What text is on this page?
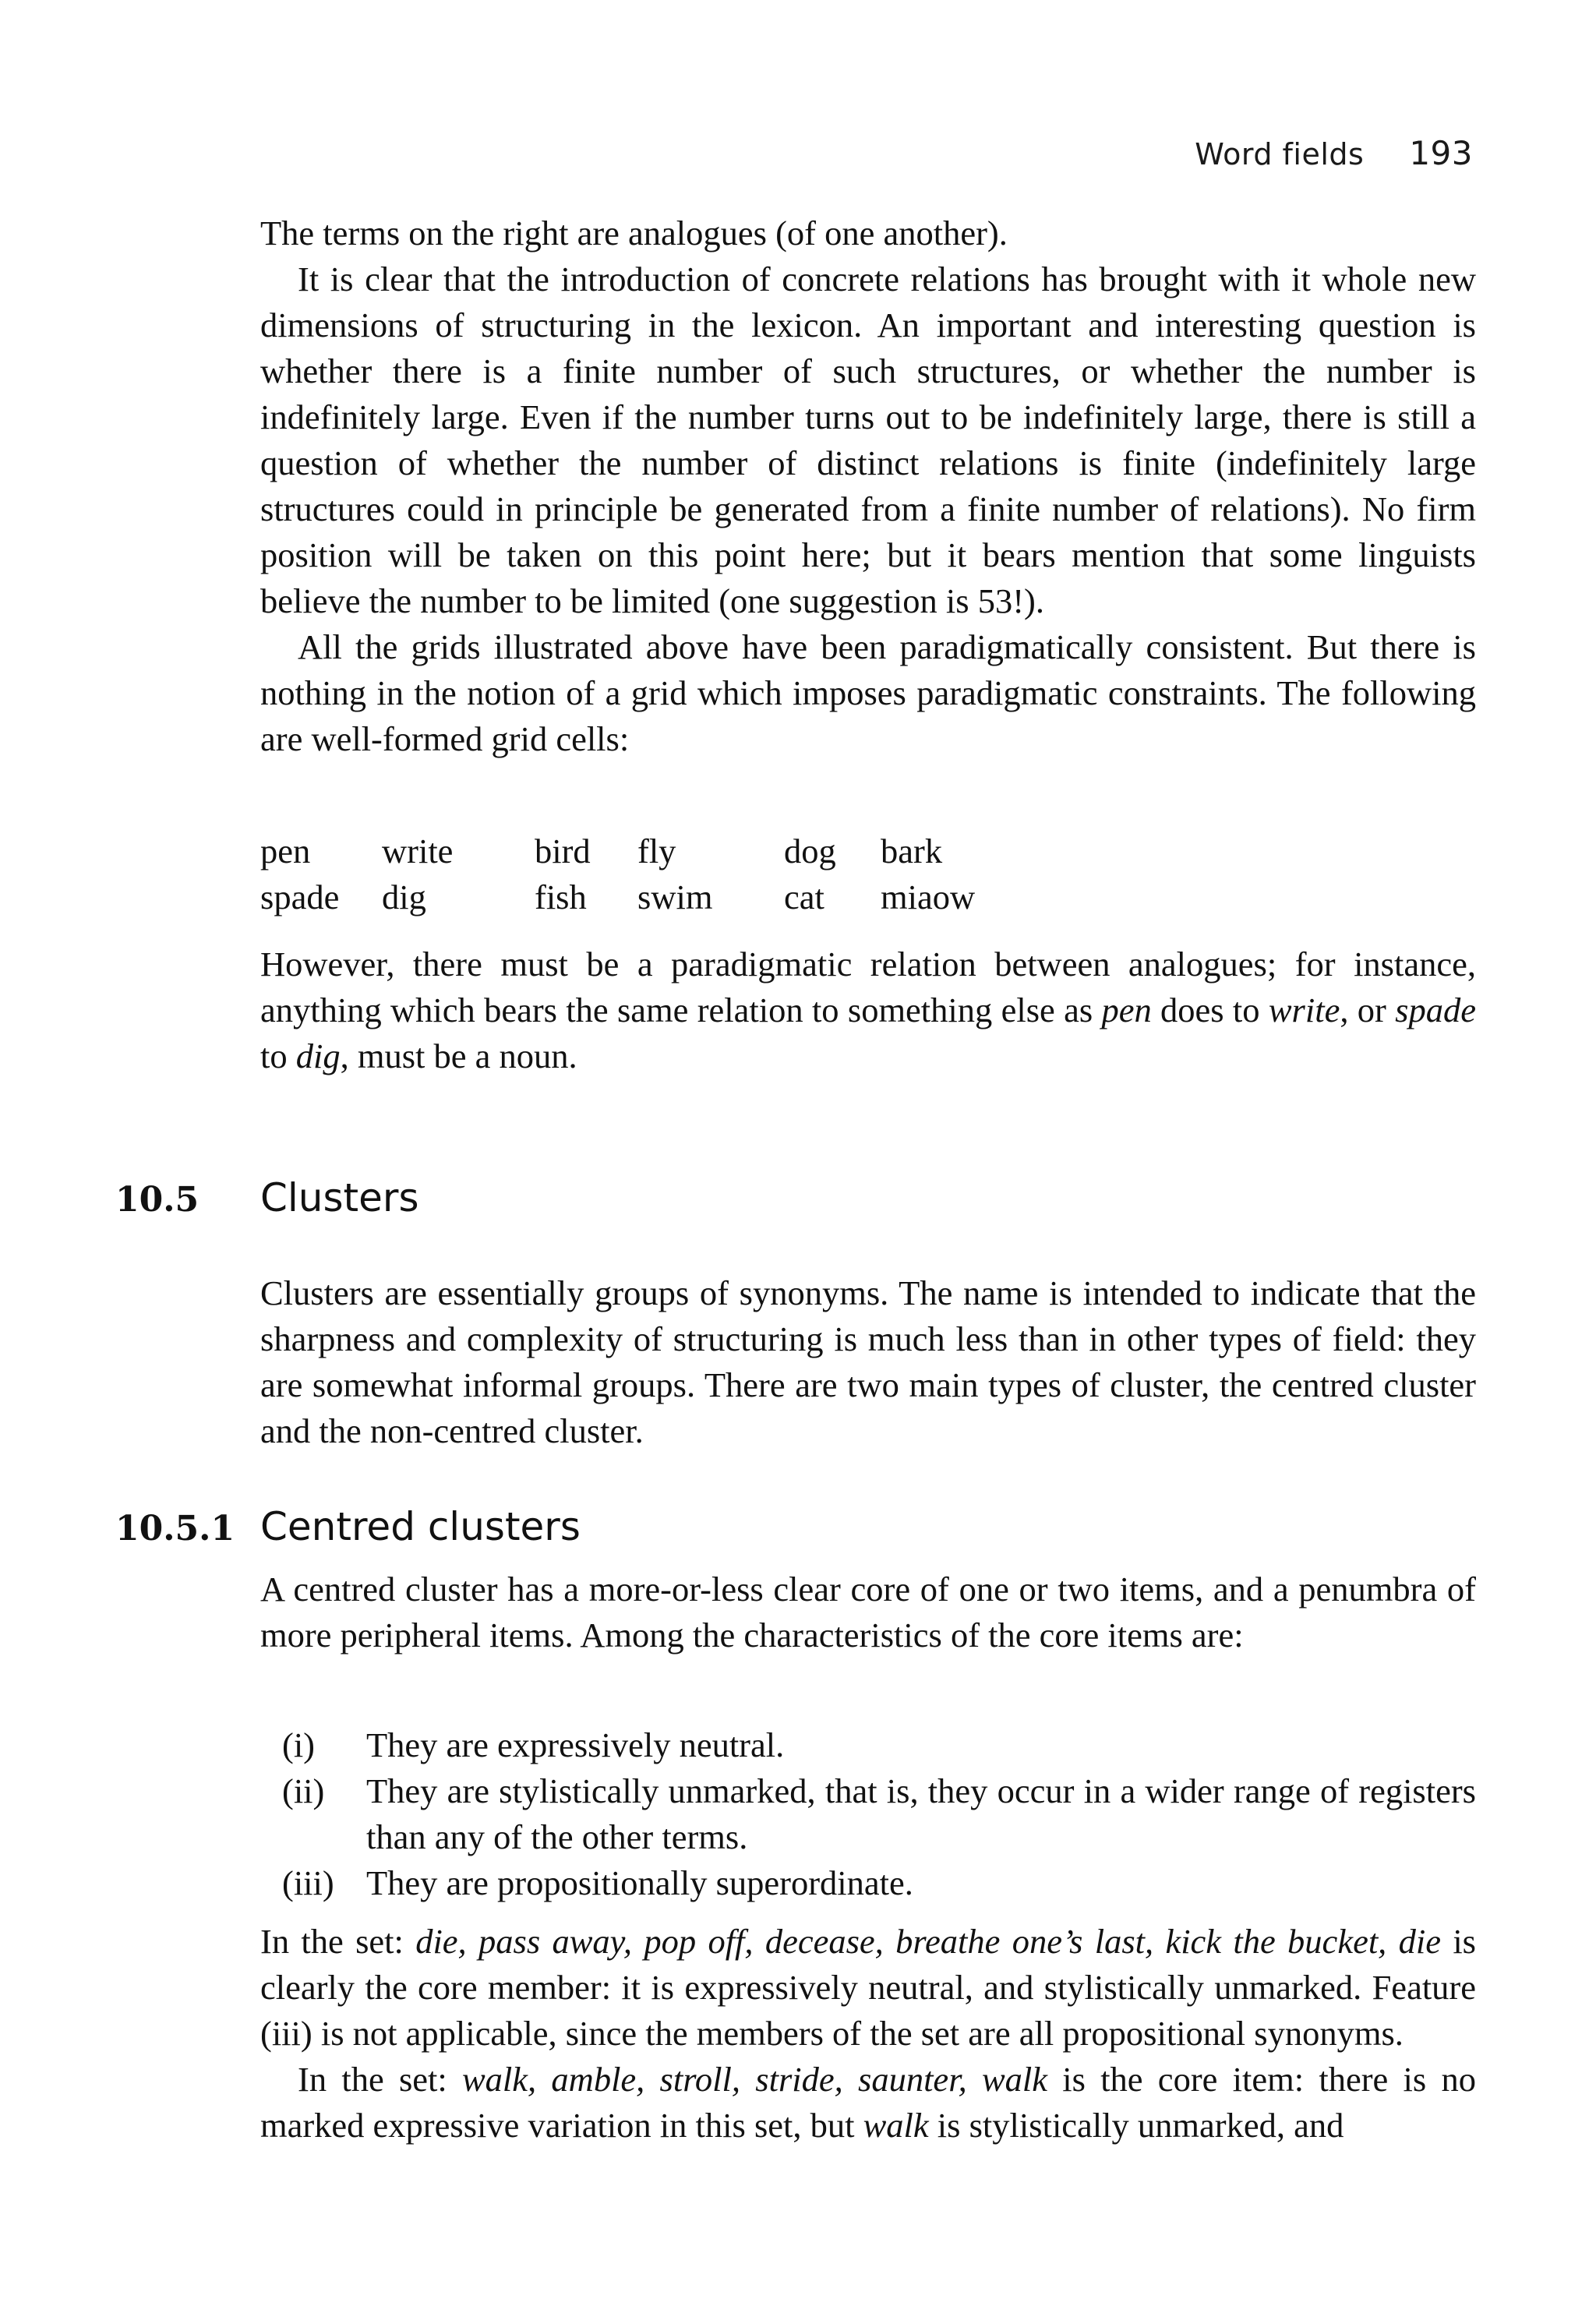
Word fields 193

The terms on the right are analogues (of one another).

It is clear that the introduction of concrete relations has brought with it whole new dimensions of structuring in the lexicon. An important and interesting question is whether there is a finite number of such structures, or whether the number is indefinitely large. Even if the number turns out to be indefinitely large, there is still a question of whether the number of distinct relations is finite (indefinitely large structures could in principle be generated from a finite number of relations). No firm position will be taken on this point here; but it bears mention that some linguists believe the number to be limited (one suggestion is 53!).

All the grids illustrated above have been paradigmatically consistent. But there is nothing in the notion of a grid which imposes paradigmatic constraints. The following are well-formed grid cells:

pen write bird fly	dog bark
spade dig	fish swim cat miaow

However, there must be a paradigmatic relation between analogues; for instance, anything which bears the same relation to something else as pen does to write, or spade to dig, must be a noun.

10.5 Clusters

Clusters are essentially groups of synonyms. The name is intended to indicate that the sharpness and complexity of structuring is much less than in other types of field: they are somewhat informal groups. There are two main types of cluster, the centred cluster and the non-centred cluster.

10.5.1 Centred clusters

A centred cluster has a more-or-less clear core of one or two items, and a penumbra of more peripheral items. Among the characteristics of the core items are:

(i) They are expressively neutral.

(ii) They are stylistically unmarked, that is, they occur in a wider range of registers than any of the other terms.

(iii) They are propositionally superordinate.

In the set: die, pass away, pop off, decease, breathe one’s last, kick the bucket, die is clearly the core member: it is expressively neutral, and stylistically unmarked. Feature (iii) is not applicable, since the members of the set are all propositional synonyms.

In the set: walk, amble, stroll, stride, saunter, walk is the core item: there is no marked expressive variation in this set, but walk is stylistically unmarked, and
